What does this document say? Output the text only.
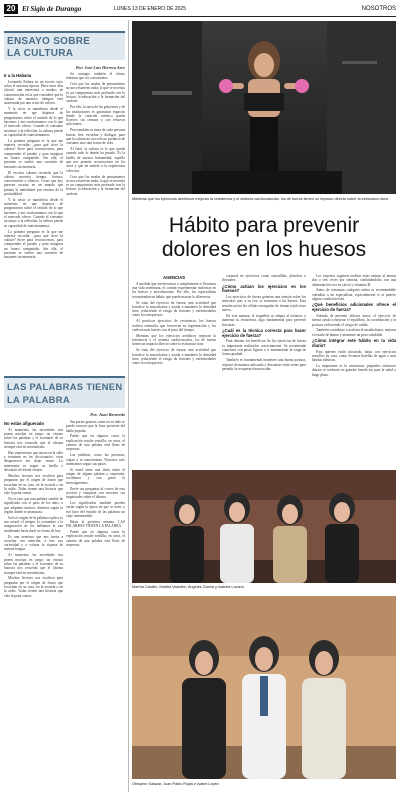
20 El Siglo de Durango	LUNES 13 DE ENERO DE 2025	NOSOTROS
ENSAYO SOBRE
LA CULTURA
Por: José Luis Herrera Arce
Ir a la Habana

Leonardo Padura en un escrito suyo sobre el nuestras épocas. Hace unos días ofreció una entrevista a medios de comunicación en la que consideró que la cultura de nuestros tiempos está atravesada por una crisis de valores.

Y la crisis se manifiesta desde el momento en que dejamos de preguntarnos sobre el sentido de lo que hacemos y nos conformamos con lo que el mercado ofrece. Cuando el consumo sustituye a la reflexión, la cultura pierde su capacidad de transformarnos.

La primera pregunta es la que me interesa recordar: ¿para qué sirve la cultura? Sirve para reconocernos, para comprender el pasado y para imaginar un futuro compartido. Sin ella, el presente se vuelve una sucesión de instantes sin memoria.

El escritor cubano recuerda que la cultura necesita tiempo, lectura, conversación y silencio. Cosas que hoy parecen escasas en un mundo que premia la inmediatez por encima de la profundidad.

Y la crisis se manifiesta desde el momento en que dejamos de preguntarnos sobre el sentido de lo que hacemos y nos conformamos con lo que el mercado ofrece. Cuando el consumo sustituye a la reflexión, la cultura pierde su capacidad de transformarnos.

La primera pregunta es la que me interesa recordar: ¿para qué sirve la cultura? Sirve para reconocernos, para comprender el pasado y para imaginar un futuro compartido. Sin ella, el presente se vuelve una sucesión de instantes sin memoria.

Su contagio también el futuro tenemos que ser consistentes.

Creo que las modas de pensamiento no nos resuelven nada; lo que se necesita es un compromiso más profundo con la lectura, la educación y la formación del carácter.

Por ello, la tarea de los gobiernos y de las instituciones es garantizar espacios donde la creación artística pueda florecer, sin censura y con recursos suficientes.

Pero también es tarea de cada persona buscar, leer, escuchar y dialogar, para que la cultura no sea solo un producto de consumo sino una forma de vida.

Al final, la cultura es lo que queda cuando todo lo demás ha pasado. Es la huella de nuestra humanidad, aquello que nos permite reconocernos en los otros y que da sentido a la experiencia colectiva.

Creo que las modas de pensamiento no nos resuelven nada; lo que se necesita es un compromiso más profundo con la lectura, la educación y la formación del carácter.

LAS PALABRAS TIENEN
LA PALABRA
Por: Juan Recaredo
No estás afiguerado

Al momento, las novedades nos ponen muchas en juego; un vistazo sobre las palabras y el escenario de su historia nos recuerda que el idioma siempre está en movimiento.

Hay expresiones que nacen en la calle y terminan en los diccionarios; otras desaparecen sin dejar rastro. Lo interesante es seguir su huella y descubrir de dónde vienen.

Muchos lectores nos escriben para preguntar por el origen de frases que escuchan en su casa, en la escuela o en la radio. Todas tienen una historia que vale la pena contar.

No es raro que una palabra cambie de significado con el paso de los años, o que adquiera matices distintos según la región donde se pronuncia.

Solo el origen de la palabra explica su uso actual: el tiempo, la costumbre y la imaginación de los hablantes la van moldeando hasta darle su forma de hoy.

Es una aventura que nos invita a escuchar con atención, a leer con curiosidad y a valorar la riqueza de nuestra lengua.

Al momento, las novedades nos ponen muchas en juego; un vistazo sobre las palabras y el escenario de su historia nos recuerda que el idioma siempre está en movimiento.

Muchos lectores nos escriben para preguntar por el origen de frases que escuchan en su casa, en la escuela o en la radio. Todas tienen una historia que vale la pena contar.

Sus partes gruesas, tanto en su lado se puede conocer que la frase proviene del habla popular.

Puede que en algunos casos la explicación resulte sencilla; en otros, el camino de una palabra está lleno de sorpresas.

Las palabras, como las personas, viajan y se transforman. Nosotros solo intentamos seguir sus pasos.

Si usted tiene una duda sobre el origen de alguna palabra o expresión, escríbanos y con gusto la investigaremos.

Envíe sus preguntas al correo de esta sección y comparta con nosotros sus inquietudes sobre el idioma.

Los significados también pueden variar según la época en que se usen, y eso hace del estudio de las palabras un viaje interminable.

Hasta la próxima semana. LAS PALABRAS TIENEN LA PALABRA.

Puede que en algunos casos la explicación resulte sencilla; en otros, el camino de una palabra está lleno de sorpresas.

Mientras que los ejercicios aeróbicos mejoran la resistencia y el sistema cardiovascular, los de fuerza tienen un impacto directo sobre la estructura ósea.
Hábito para prevenir
dolores en los huesos
AGENCIAS

A medida que envejecemos o simplemente si llevamos una vida sedentaria, es común experimentar molestias en los huesos y articulaciones. Por ello, los especialistas recomiendan un hábito que puede marcar la diferencia.

Se trata del ejercicio de fuerza, una actividad que fortalece la musculatura y ayuda a mantener la densidad ósea, reduciendo el riesgo de lesiones y enfermedades como la osteoporosis.

Al practicar ejercicios de resistencia, los huesos reciben estímulos que favorecen su regeneración y los vuelven más fuertes con el paso del tiempo.

Mientras que los ejercicios aeróbicos mejoran la resistencia y el sistema cardiovascular, los de fuerza tienen un impacto directo sobre la estructura ósea.

Se trata del ejercicio de fuerza, una actividad que fortalece la musculatura y ayuda a mantener la densidad ósea, reduciendo el riesgo de lesiones y enfermedades como la osteoporosis.

corporal en ejercicios como sentadillas, planchas o flexiones.

¿Cómo actúan los ejercicios en los huesos?

Los ejercicios de fuerza generan una tensión sobre los músculos que, a su vez, se transmite a los huesos. Esta tensión activa las células encargadas de formar tejido óseo nuevo.

De esta manera, el esqueleto se adapta al esfuerzo y aumenta su resistencia, algo fundamental para prevenir fracturas.

¿Cuál es la técnica correcta para hacer ejercicio de fuerza?

Para obtener los beneficios de los ejercicios de fuerza es importante realizarlos correctamente. Se recomienda comenzar con pesos ligeros e ir aumentando la carga de forma gradual.

También es fundamental mantener una buena postura, respirar de manera adecuada y descansar entre series para permitir la recuperación muscular.

Los expertos sugieren realizar estas rutinas al menos dos o tres veces por semana, combinándolas con una alimentación rica en calcio y vitamina D.

Antes de comenzar cualquier rutina es recomendable consultar a un especialista, especialmente si se padece alguna condición ósea.

¿Qué beneficios adicionales ofrece el ejercicio de fuerza?

Además de prevenir dolores óseos, el ejercicio de fuerza ayuda a mejorar el equilibrio, la coordinación y la postura, reduciendo el riesgo de caídas.

También contribuye a acelerar el metabolismo, mejorar el estado de ánimo y mantener un peso saludable.

¿Cómo integrar este hábito en la vida diaria?

Para quienes están iniciando, basta con ejercicios sencillos en casa, como levantar botellas de agua o usar bandas elásticas.

Lo importante es la constancia: pequeños esfuerzos diarios se traducen en grandes beneficios para la salud a largo plazo.

Martha Castillo, Martha Valadés, Ángeles García y Isabela Lozano.
Obispero Salazar, Juan Pablo Rojas e Isabel López.
